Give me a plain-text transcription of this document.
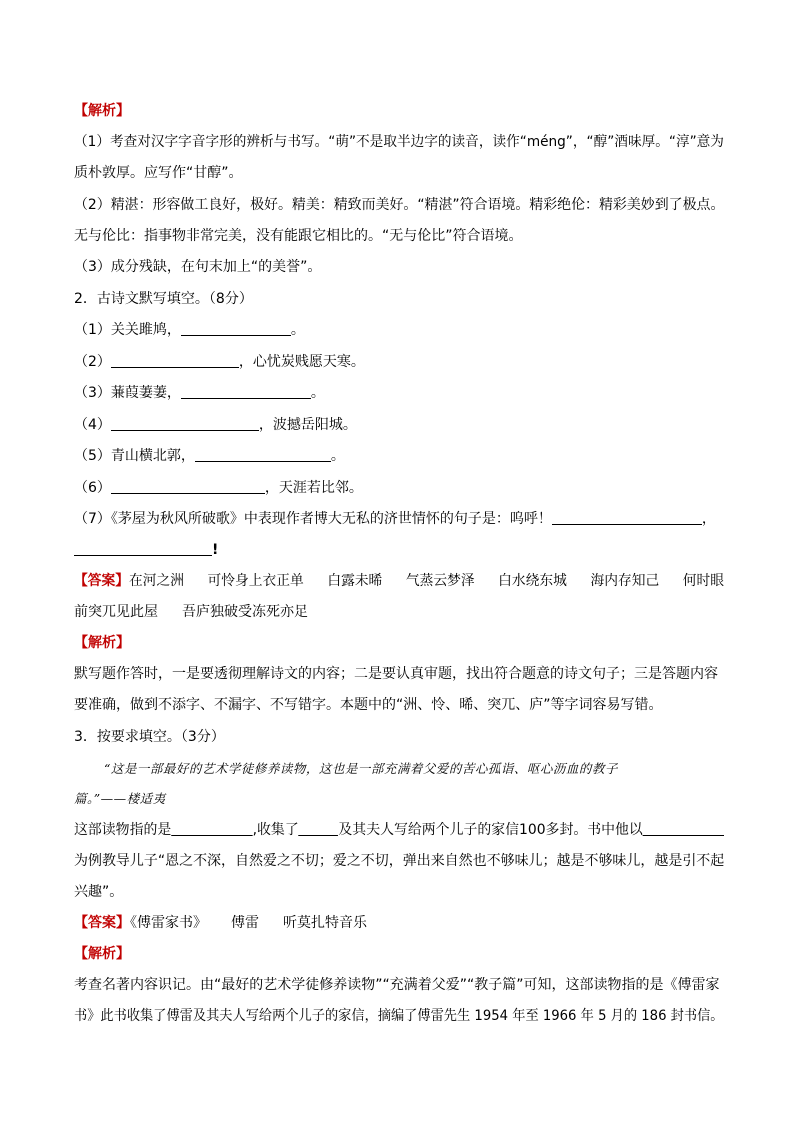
【解析】
（1）考查对汉字字音字形的辨析与书写。“萌”不是取半边字的读音，读作“méng”，“醇”酒味厚。“淳”意为
质朴敦厚。应写作“甘醇”。
（2）精湛：形容做工良好，极好。精美：精致而美好。“精湛”符合语境。精彩绝伦：精彩美妙到了极点。
无与伦比：指事物非常完美，没有能跟它相比的。“无与伦比”符合语境。
（3）成分残缺，在句末加上“的美誉”。
2．古诗文默写填空。（8分）
（1）关关雎鸠，	。
（2）	，心忧炭贱愿天寒。
（3）蒹葭萋萋，	。
（4）	，波撼岳阳城。
（5）青山横北郭，	。
（6）	，天涯若比邻。
（7）《茅屋为秋风所破歌》中表现作者博大无私的济世情怀的句子是：呜呼！	，
!
【答案】在河之洲 可怜身上衣正单 白露未晞 气蒸云梦泽 白水绕东城 海内存知己 何时眼
前突兀见此屋 吾庐独破受冻死亦足
【解析】
默写题作答时，一是要透彻理解诗文的内容；二是要认真审题，找出符合题意的诗文句子；三是答题内容
要准确，做到不添字、不漏字、不写错字。本题中的“洲、怜、晞、突兀、庐”等字词容易写错。
3．按要求填空。（3分）
“这是一部最好的艺术学徒修养读物，这也是一部充满着父爱的苦心孤诣、呕心沥血的教子
篇。”——楼适夷
这部读物指的是	,收集了	及其夫人写给两个儿子的家信100多封。书中他以
为例教导儿子“恩之不深，自然爱之不切；爱之不切，弹出来自然也不够味儿；越是不够味儿，越是引不起
兴趣”。
【答案】《傅雷家书》 傅雷 听莫扎特音乐
【解析】
考查名著内容识记。由“最好的艺术学徒修养读物”“充满着父爱”“教子篇”可知，这部读物指的是《傅雷家
书》此书收集了傅雷及其夫人写给两个儿子的家信，摘编了傅雷先生 1954 年至 1966 年 5 月的 186 封书信。
